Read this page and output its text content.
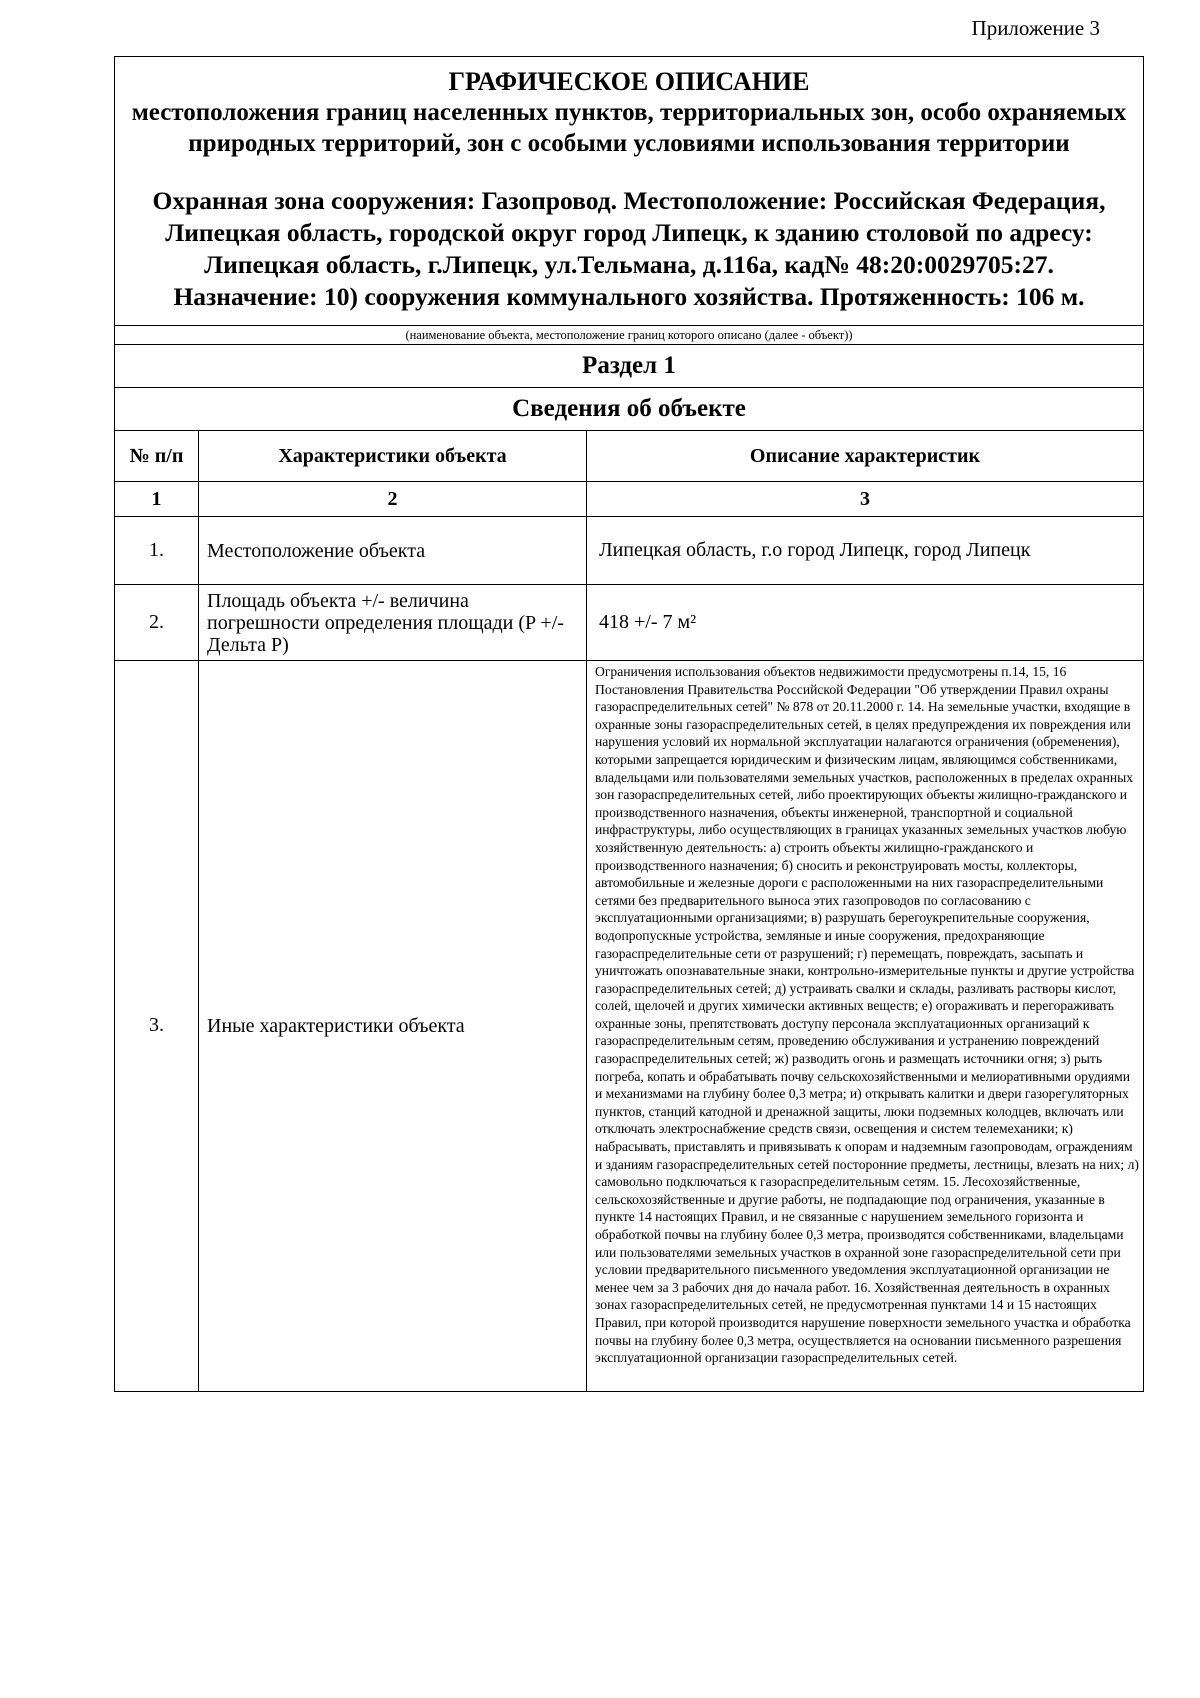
Приложение 3
ГРАФИЧЕСКОЕ ОПИСАНИЕ
местоположения границ населенных пунктов, территориальных зон, особо охраняемых природных территорий, зон с особыми условиями использования территории
Охранная зона сооружения: Газопровод. Местоположение: Российская Федерация, Липецкая область, городской округ город Липецк, к зданию столовой по адресу: Липецкая область, г.Липецк, ул.Тельмана, д.116а, кад№ 48:20:0029705:27. Назначение: 10) сооружения коммунального хозяйства. Протяженность: 106 м.		

(наименование объекта, местоположение границ которого описано (далее - объект))		
Раздел 1		
Сведения об объекте		
№ п/п	Характеристики объекта	Описание характеристик
1	2	3
1.	Местоположение объекта	Липецкая область, г.о город Липецк, город Липецк
2.	Площадь объекта +/- величина погрешности определения площади (P +/- Дельта P)	418 +/- 7 м²
3.	Иные характеристики объекта	Ограничения использования объектов недвижимости предусмотрены п.14, 15, 16 Постановления Правительства Российской Федерации "Об утверждении Правил охраны газораспределительных сетей" № 878 от 20.11.2000 г. 14. На земельные участки, входящие в охранные зоны газораспределительных сетей, в целях предупреждения их повреждения или нарушения условий их нормальной эксплуатации налагаются ограничения (обременения), которыми запрещается юридическим и физическим лицам, являющимся собственниками, владельцами или пользователями земельных участков, расположенных в пределах охранных зон газораспределительных сетей, либо проектирующих объекты жилищно-гражданского и производственного назначения, объекты инженерной, транспортной и социальной инфраструктуры, либо осуществляющих в границах указанных земельных участков любую хозяйственную деятельность: а) строить объекты жилищно-гражданского и производственного назначения; б) сносить и реконструировать мосты, коллекторы, автомобильные и железные дороги с расположенными на них газораспределительными сетями без предварительного выноса этих газопроводов по согласованию с эксплуатационными организациями; в) разрушать берегоукрепительные сооружения, водопропускные устройства, земляные и иные сооружения, предохраняющие газораспределительные сети от разрушений; г) перемещать, повреждать, засыпать и уничтожать опознавательные знаки, контрольно-измерительные пункты и другие устройства газораспределительных сетей; д) устраивать свалки и склады, разливать растворы кислот, солей, щелочей и других химически активных веществ; е) огораживать и перегораживать охранные зоны, препятствовать доступу персонала эксплуатационных организаций к газораспределительным сетям, проведению обслуживания и устранению повреждений газораспределительных сетей; ж) разводить огонь и размещать источники огня; з) рыть погреба, копать и обрабатывать почву сельскохозяйственными и мелиоративными орудиями и механизмами на глубину более 0,3 метра; и) открывать калитки и двери газорегуляторных пунктов, станций катодной и дренажной защиты, люки подземных колодцев, включать или отключать электроснабжение средств связи, освещения и систем телемеханики; к) набрасывать, приставлять и привязывать к опорам и надземным газопроводам, ограждениям и зданиям газораспределительных сетей посторонние предметы, лестницы, влезать на них; л) самовольно подключаться к газораспределительным сетям. 15. Лесохозяйственные, сельскохозяйственные и другие работы, не подпадающие под ограничения, указанные в пункте 14 настоящих Правил, и не связанные с нарушением земельного горизонта и обработкой почвы на глубину более 0,3 метра, производятся собственниками, владельцами или пользователями земельных участков в охранной зоне газораспределительной сети при условии предварительного письменного уведомления эксплуатационной организации не менее чем за 3 рабочих дня до начала работ. 16. Хозяйственная деятельность в охранных зонах газораспределительных сетей, не предусмотренная пунктами 14 и 15 настоящих Правил, при которой производится нарушение поверхности земельного участка и обработка почвы на глубину более 0,3 метра, осуществляется на основании письменного разрешения эксплуатационной организации газораспределительных сетей.
